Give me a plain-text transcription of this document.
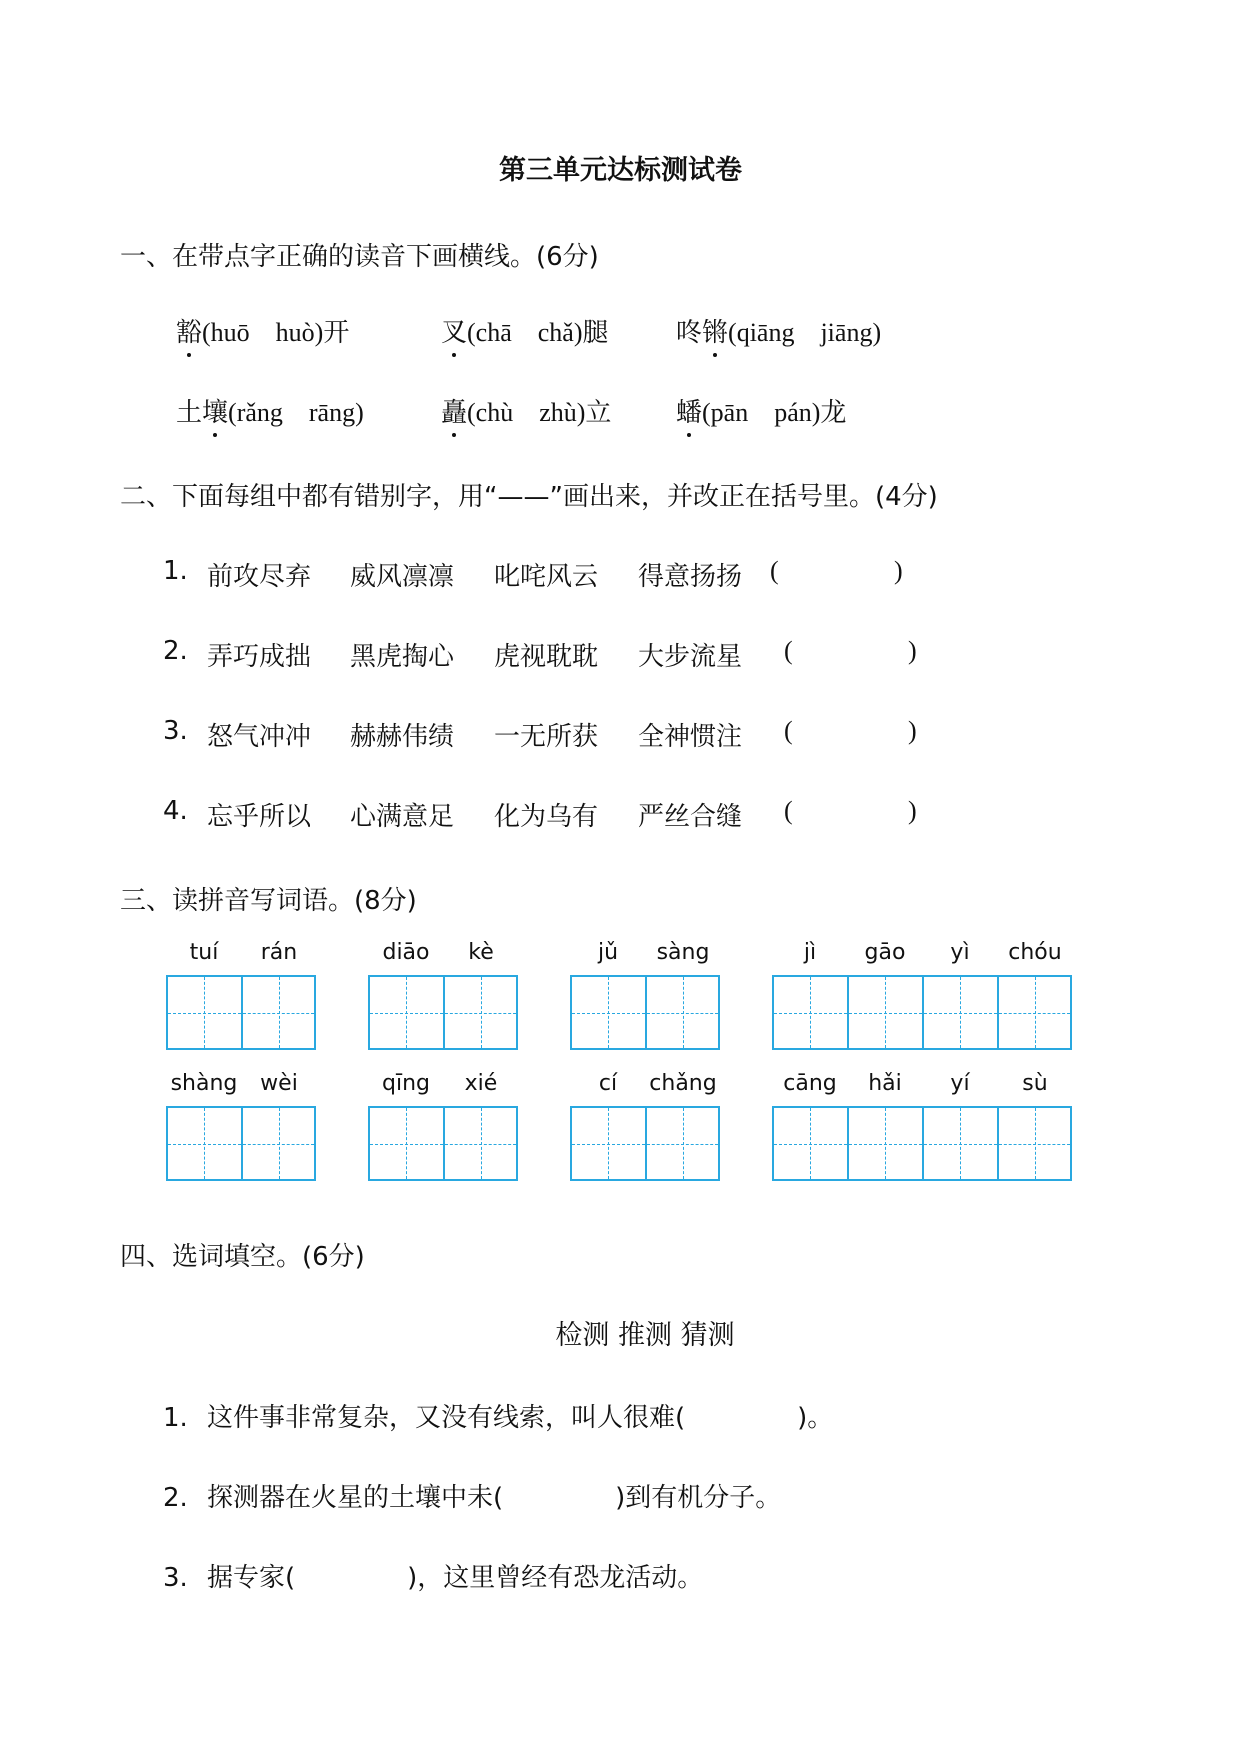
第三单元达标测试卷
一、在带点字正确的读音下画横线。(6分)
豁(huō　huò)开	叉(chā　chǎ)腿	咚锵(qiāng　jiāng)
土壤(rǎng　rāng)	矗(chù　zhù)立 蟠(pān　pán)龙
二、下面每组中都有错别字，用“——”画出来，并改正在括号里。(4分)
1. 前攻尽弃 威风凛凛 叱咤风云 得意扬扬 (	)
2. 弄巧成拙 黑虎掏心 虎视耽耽 大步流星 (	)
3. 怒气冲冲 赫赫伟绩 一无所获 全神惯注 (	)
4. 忘乎所以 心满意足 化为乌有 严丝合缝 (	)
三、读拼音写词语。(8分)
tuí	rán	diāo	kè	jǔ	sàng	jì	gāo	yì	chóu
shàng	wèi	qīng	xié	cí	chǎng	cāng	hǎi	yí	sù
四、选词填空。(6分)
检测 推测 猜测
1. 这件事非常复杂，又没有线索，叫人很难(	)。
2. 探测器在火星的土壤中未(	)到有机分子。
3. 据专家(	)，这里曾经有恐龙活动。
